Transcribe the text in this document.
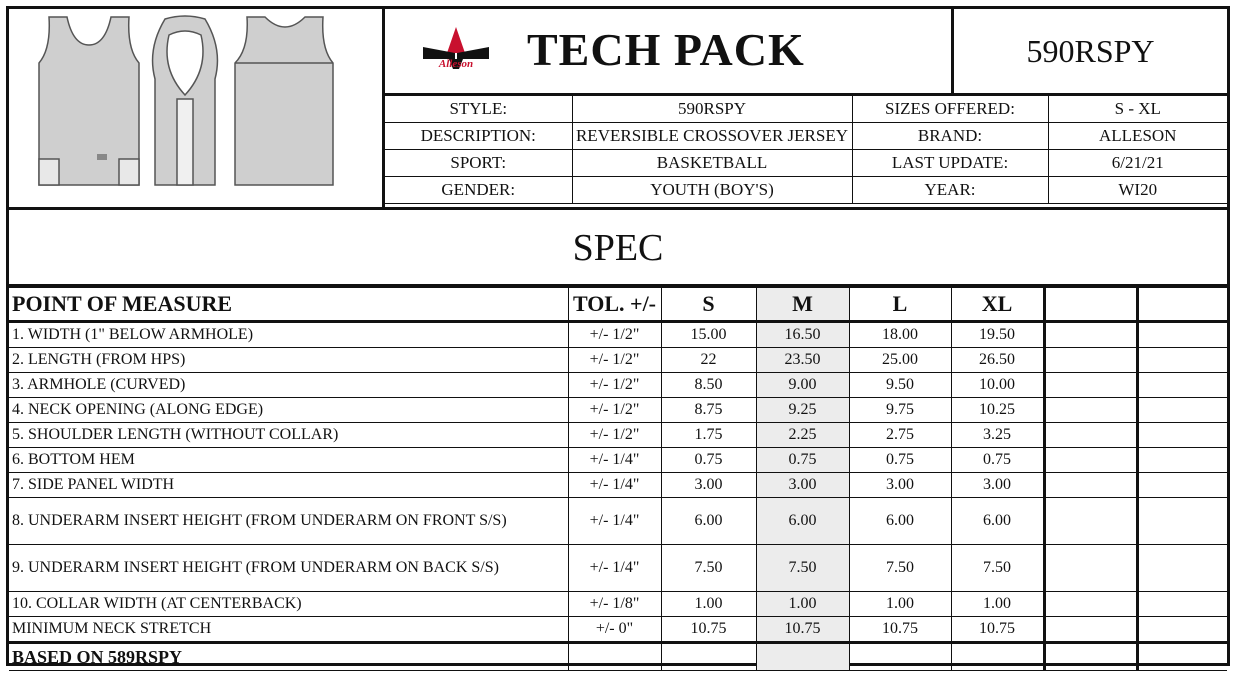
Alleson	TECH PACK	590RSPY
STYLE:	590RSPY	SIZES OFFERED:	S - XL
DESCRIPTION:	REVERSIBLE CROSSOVER JERSEY	BRAND:	ALLESON
SPORT:	BASKETBALL	LAST UPDATE:	6/21/21
GENDER:	YOUTH (BOY'S)	YEAR:	WI20
SPEC
POINT OF MEASURE	TOL. +/-	S	M	L	XL		
1. WIDTH (1" BELOW ARMHOLE)	+/- 1/2"	15.00	16.50	18.00	19.50		
2. LENGTH (FROM HPS)	+/- 1/2"	22	23.50	25.00	26.50		
3. ARMHOLE (CURVED)	+/- 1/2"	8.50	9.00	9.50	10.00		
4. NECK OPENING (ALONG EDGE)	+/- 1/2"	8.75	9.25	9.75	10.25		
5. SHOULDER LENGTH (WITHOUT COLLAR)	+/- 1/2"	1.75	2.25	2.75	3.25		
6. BOTTOM HEM	+/- 1/4"	0.75	0.75	0.75	0.75		
7. SIDE PANEL WIDTH	+/- 1/4"	3.00	3.00	3.00	3.00		
8. UNDERARM INSERT HEIGHT (FROM UNDERARM ON FRONT S/S)	+/- 1/4"	6.00	6.00	6.00	6.00		
9. UNDERARM INSERT HEIGHT (FROM UNDERARM ON BACK S/S)	+/- 1/4"	7.50	7.50	7.50	7.50		
10. COLLAR WIDTH (AT CENTERBACK)	+/- 1/8"	1.00	1.00	1.00	1.00		
MINIMUM NECK STRETCH	+/- 0"	10.75	10.75	10.75	10.75		
BASED ON 589RSPY							
